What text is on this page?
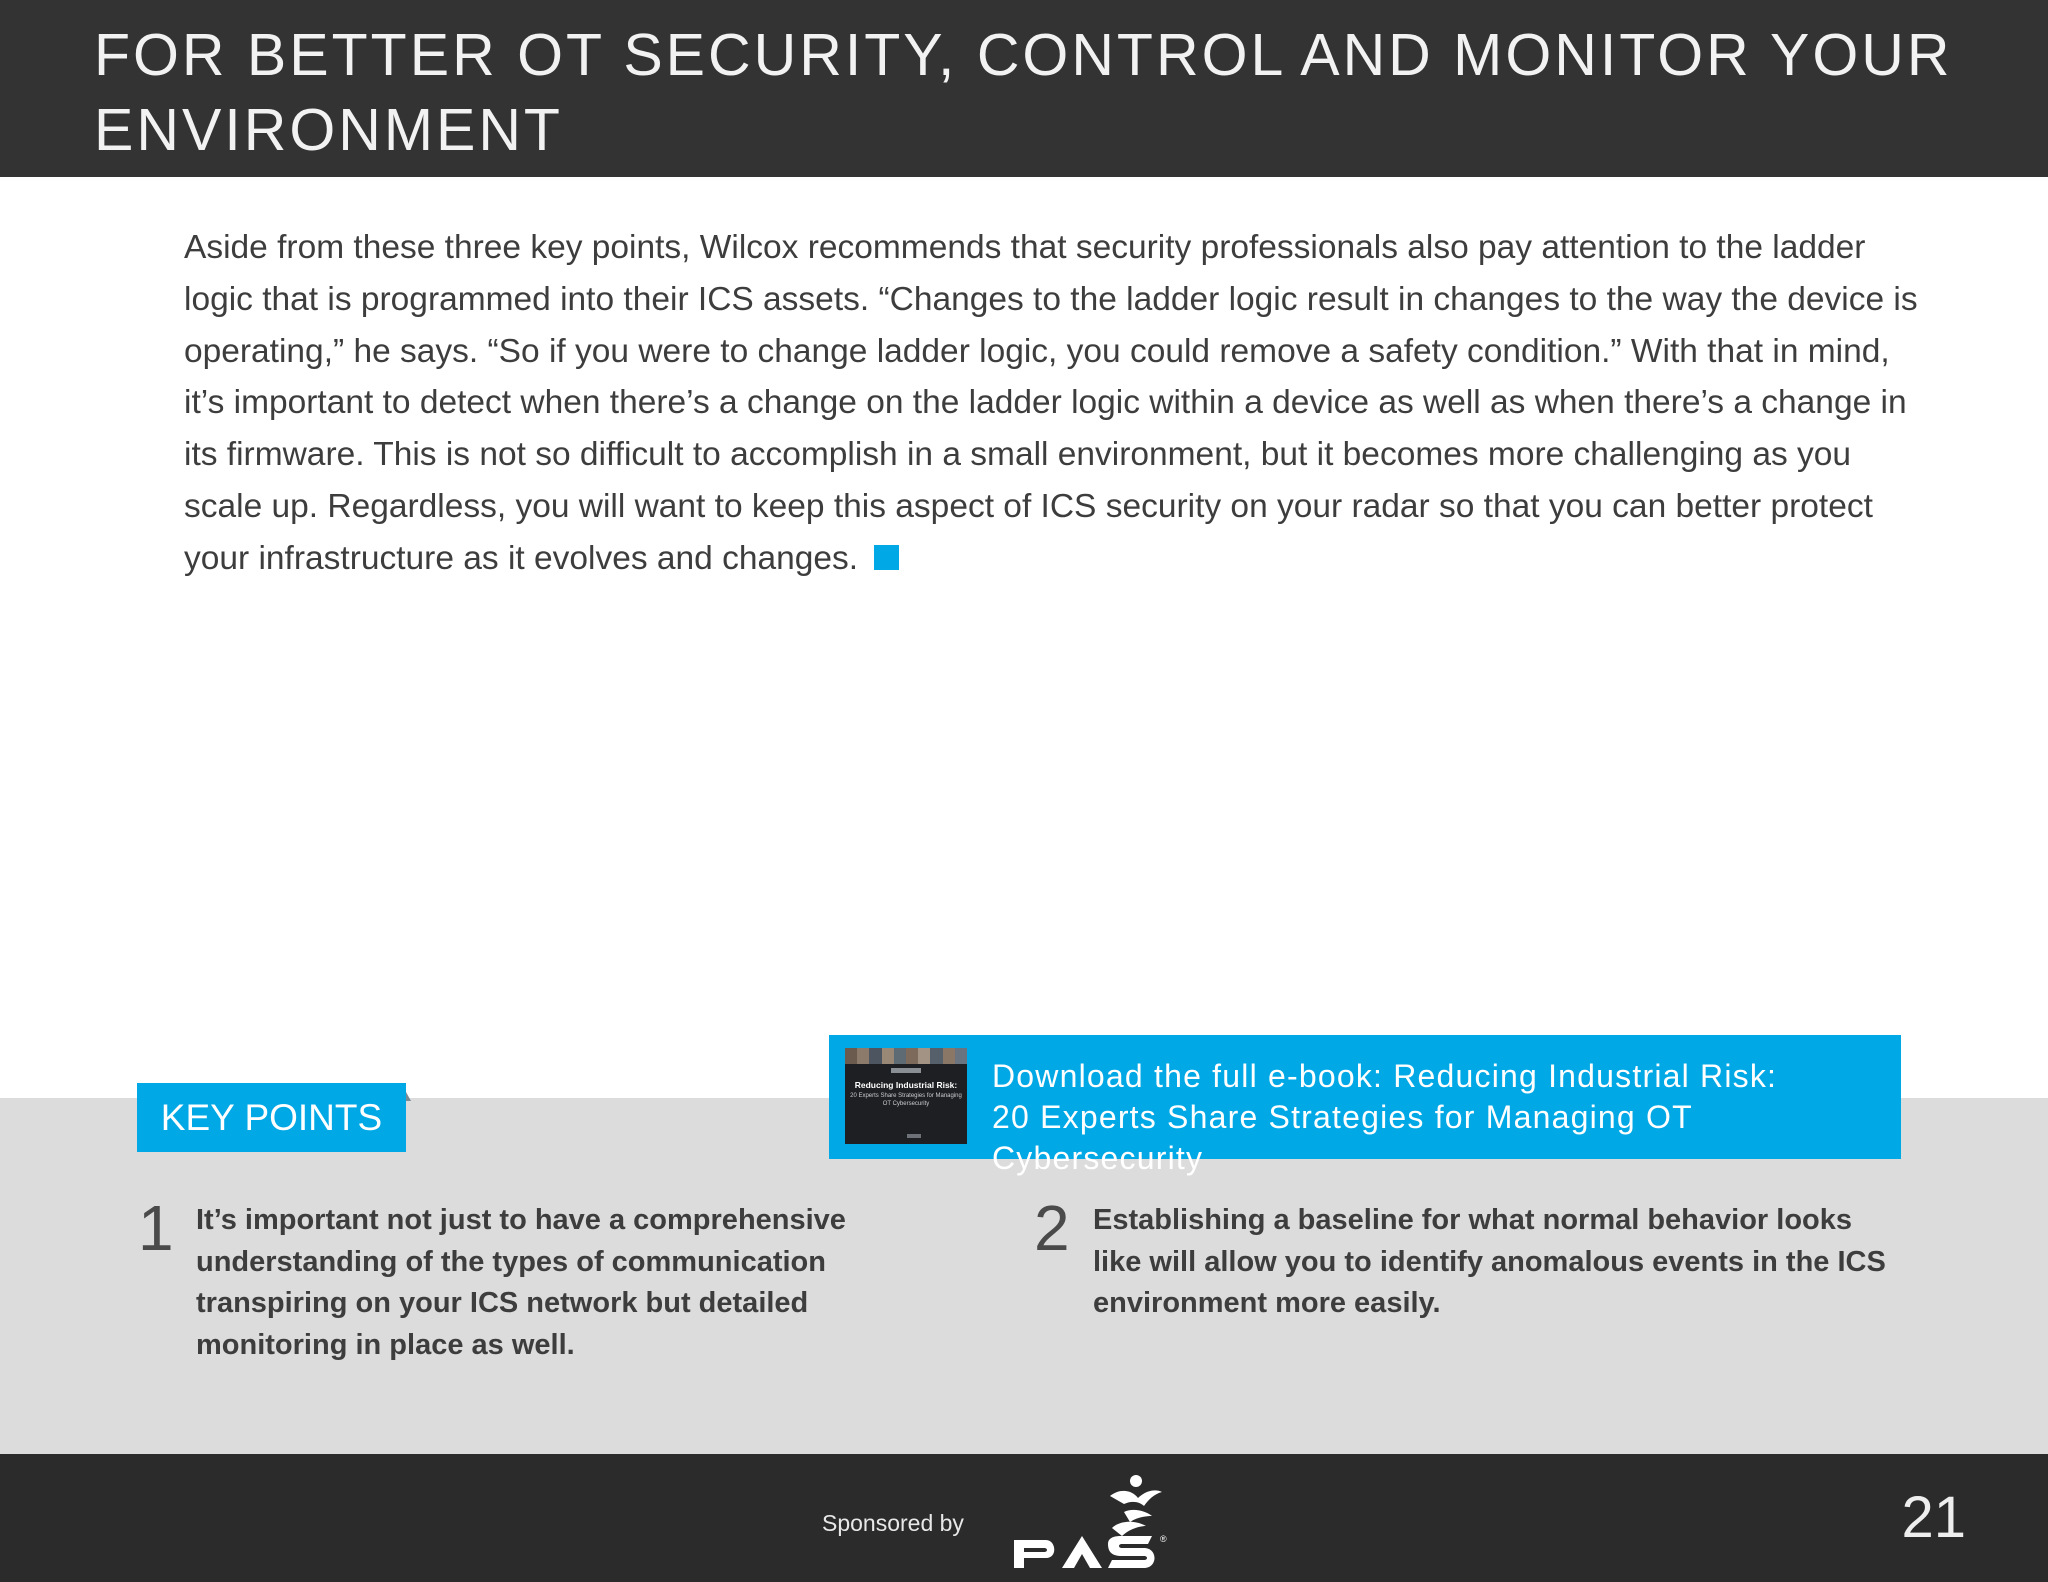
FOR BETTER OT SECURITY, CONTROL AND MONITOR YOUR ENVIRONMENT

Aside from these three key points, Wilcox recommends that security professionals also pay attention to the ladder logic that is programmed into their ICS assets. “Changes to the ladder logic result in changes to the way the device is operating,” he says. “So if you were to change ladder logic, you could remove a safety condition.” With that in mind, it’s important to detect when there’s a change on the ladder logic within a device as well as when there’s a change in its firmware. This is not so difficult to accomplish in a small environment, but it becomes more challenging as you scale up. Regardless, you will want to keep this aspect of ICS security on your radar so that you can better protect your infrastructure as it evolves and changes.

KEY POINTS
Reducing Industrial Risk:
20 Experts Share Strategies for Managing OT Cybersecurity

Download the full e-book: Reducing Industrial Risk:
20 Experts Share Strategies for Managing OT Cybersecurity

1 It’s important not just to have a comprehensive understanding of the types of communication transpiring on your ICS network but detailed monitoring in place as well.

2 Establishing a baseline for what normal behavior looks like will allow you to identify anomalous events in the ICS environment more easily.

Sponsored by
®	21
